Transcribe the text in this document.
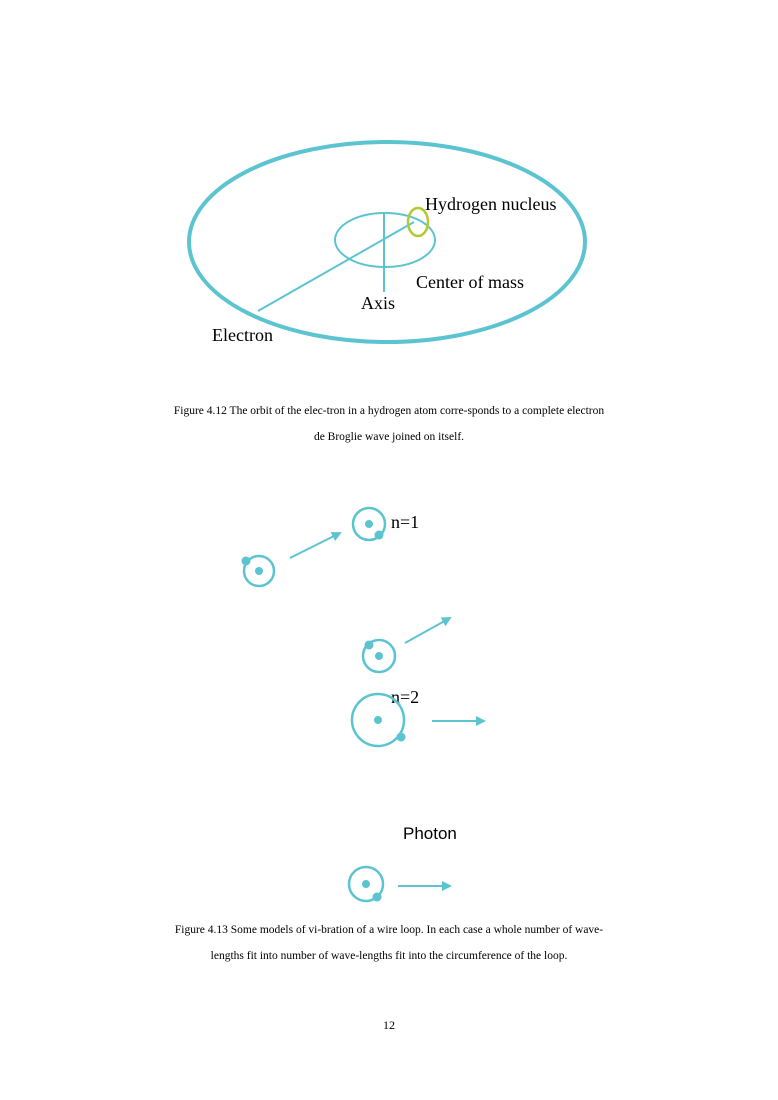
Hydrogen nucleus
Center of mass
Axis
Electron
Figure 4.12 The orbit of the elec-tron in a hydrogen atom corre-sponds to a complete electron
de Broglie wave joined on itself.
n=1
n=2
Photon
Figure 4.13 Some models of vi-bration of a wire loop. In each case a whole number of wave-
lengths fit into number of wave-lengths fit into the circumference of the loop.
12
